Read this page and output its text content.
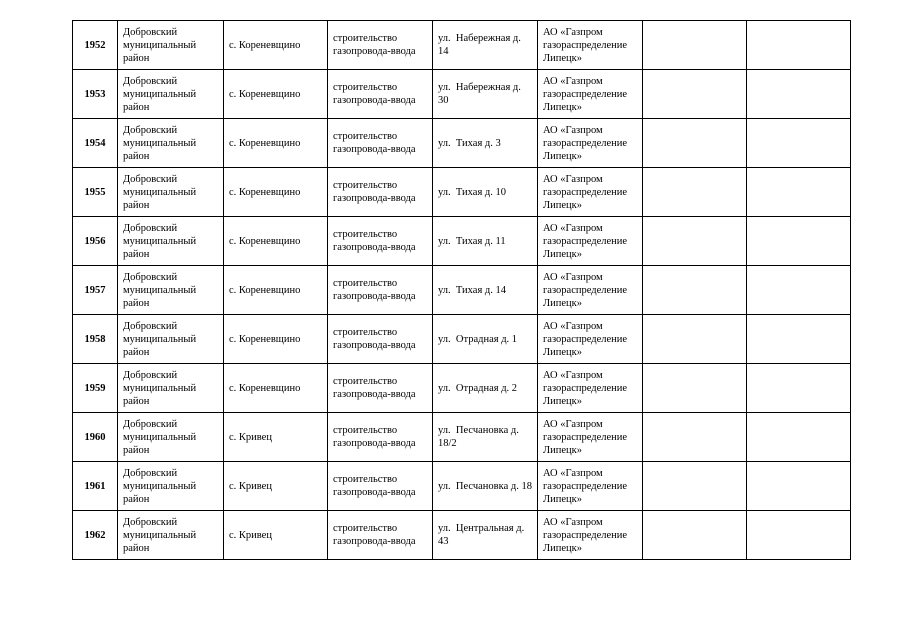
1952	Добровский муниципальный район	с. Кореневщино	строительство газопровода-ввода	ул.  Набережная д. 14	АО «Газпром газораспределение Липецк»		
1953	Добровский муниципальный район	с. Кореневщино	строительство газопровода-ввода	ул.  Набережная д. 30	АО «Газпром газораспределение Липецк»		
1954	Добровский муниципальный район	с. Кореневщино	строительство газопровода-ввода	ул.  Тихая д. 3	АО «Газпром газораспределение Липецк»		
1955	Добровский муниципальный район	с. Кореневщино	строительство газопровода-ввода	ул.  Тихая д. 10	АО «Газпром газораспределение Липецк»		
1956	Добровский муниципальный район	с. Кореневщино	строительство газопровода-ввода	ул.  Тихая д. 11	АО «Газпром газораспределение Липецк»		
1957	Добровский муниципальный район	с. Кореневщино	строительство газопровода-ввода	ул.  Тихая д. 14	АО «Газпром газораспределение Липецк»		
1958	Добровский муниципальный район	с. Кореневщино	строительство газопровода-ввода	ул.  Отрадная д. 1	АО «Газпром газораспределение Липецк»		
1959	Добровский муниципальный район	с. Кореневщино	строительство газопровода-ввода	ул.  Отрадная д. 2	АО «Газпром газораспределение Липецк»		
1960	Добровский муниципальный район	с. Кривец	строительство газопровода-ввода	ул.  Песчановка д. 18/2	АО «Газпром газораспределение Липецк»		
1961	Добровский муниципальный район	с. Кривец	строительство газопровода-ввода	ул.  Песчановка д. 18	АО «Газпром газораспределение Липецк»		
1962	Добровский муниципальный район	с. Кривец	строительство газопровода-ввода	ул.  Центральная д. 43	АО «Газпром газораспределение Липецк»		
